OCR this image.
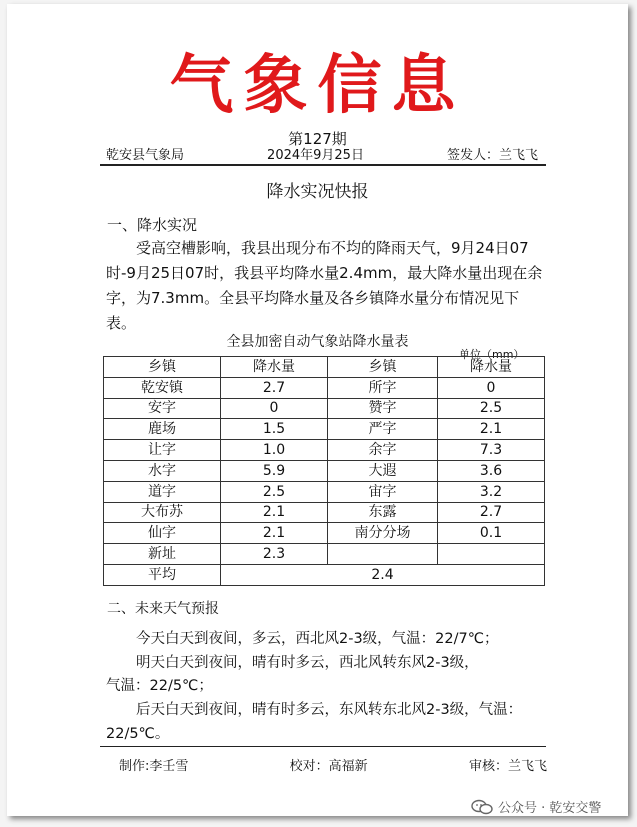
气象信息
第127期
乾安县气象局	2024年9月25日	签发人：兰飞飞
降水实况快报
一、降水实况
受高空槽影响，我县出现分布不均的降雨天气，9月24日07时-9月25日07时，我县平均降水量2.4mm，最大降水量出现在余字，为7.3mm。全县平均降水量及各乡镇降水量分布情况见下表。
全县加密自动气象站降水量表
单位（mm）
乡镇	降水量	乡镇	降水量
乾安镇	2.7	所字	0
安字	0	赞字	2.5
鹿场	1.5	严字	2.1
让字	1.0	余字	7.3
水字	5.9	大遐	3.6
道字	2.5	宙字	3.2
大布苏	2.1	东露	2.7
仙字	2.1	南分分场	0.1
新址	2.3		
平均	2.4		
二、未来天气预报
今天白天到夜间，多云，西北风2-3级，气温：22/7℃；
明天白天到夜间，晴有时多云，西北风转东风2-3级，
气温：22/5℃；
后天白天到夜间，晴有时多云，东风转东北风2-3级，气温：22/5℃。
制作:李壬雪	校对：高福新	审核：兰飞飞
公众号 · 乾安交警
